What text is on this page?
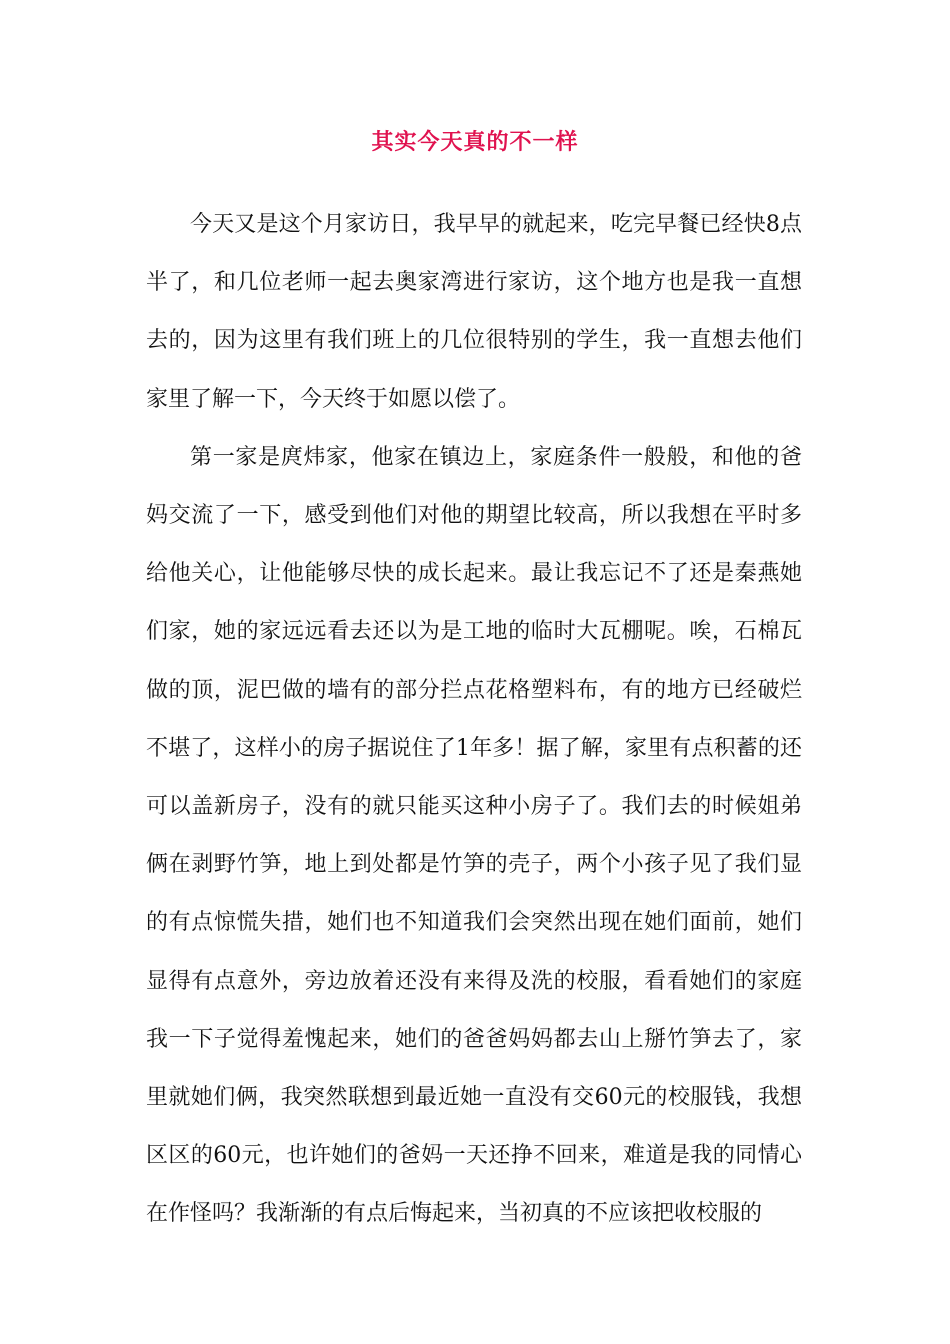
其实今天真的不一样

今天又是这个月家访日，我早早的就起来，吃完早餐已经快8点半了，和几位老师一起去奥家湾进行家访，这个地方也是我一直想去的，因为这里有我们班上的几位很特别的学生，我一直想去他们家里了解一下，今天终于如愿以偿了。

第一家是庹炜家，他家在镇边上，家庭条件一般般，和他的爸妈交流了一下，感受到他们对他的期望比较高，所以我想在平时多给他关心，让他能够尽快的成长起来。最让我忘记不了还是秦燕她们家，她的家远远看去还以为是工地的临时大瓦棚呢。唉，石棉瓦做的顶，泥巴做的墙有的部分拦点花格塑料布，有的地方已经破烂不堪了，这样小的房子据说住了1年多！据了解，家里有点积蓄的还可以盖新房子，没有的就只能买这种小房子了。我们去的时候姐弟俩在剥野竹笋，地上到处都是竹笋的壳子，两个小孩子见了我们显的有点惊慌失措，她们也不知道我们会突然出现在她们面前，她们显得有点意外，旁边放着还没有来得及洗的校服，看看她们的家庭我一下子觉得羞愧起来，她们的爸爸妈妈都去山上掰竹笋去了，家里就她们俩，我突然联想到最近她一直没有交60元的校服钱，我想区区的60元，也许她们的爸妈一天还挣不回来，难道是我的同情心在作怪吗？我渐渐的有点后悔起来，当初真的不应该把收校服的
